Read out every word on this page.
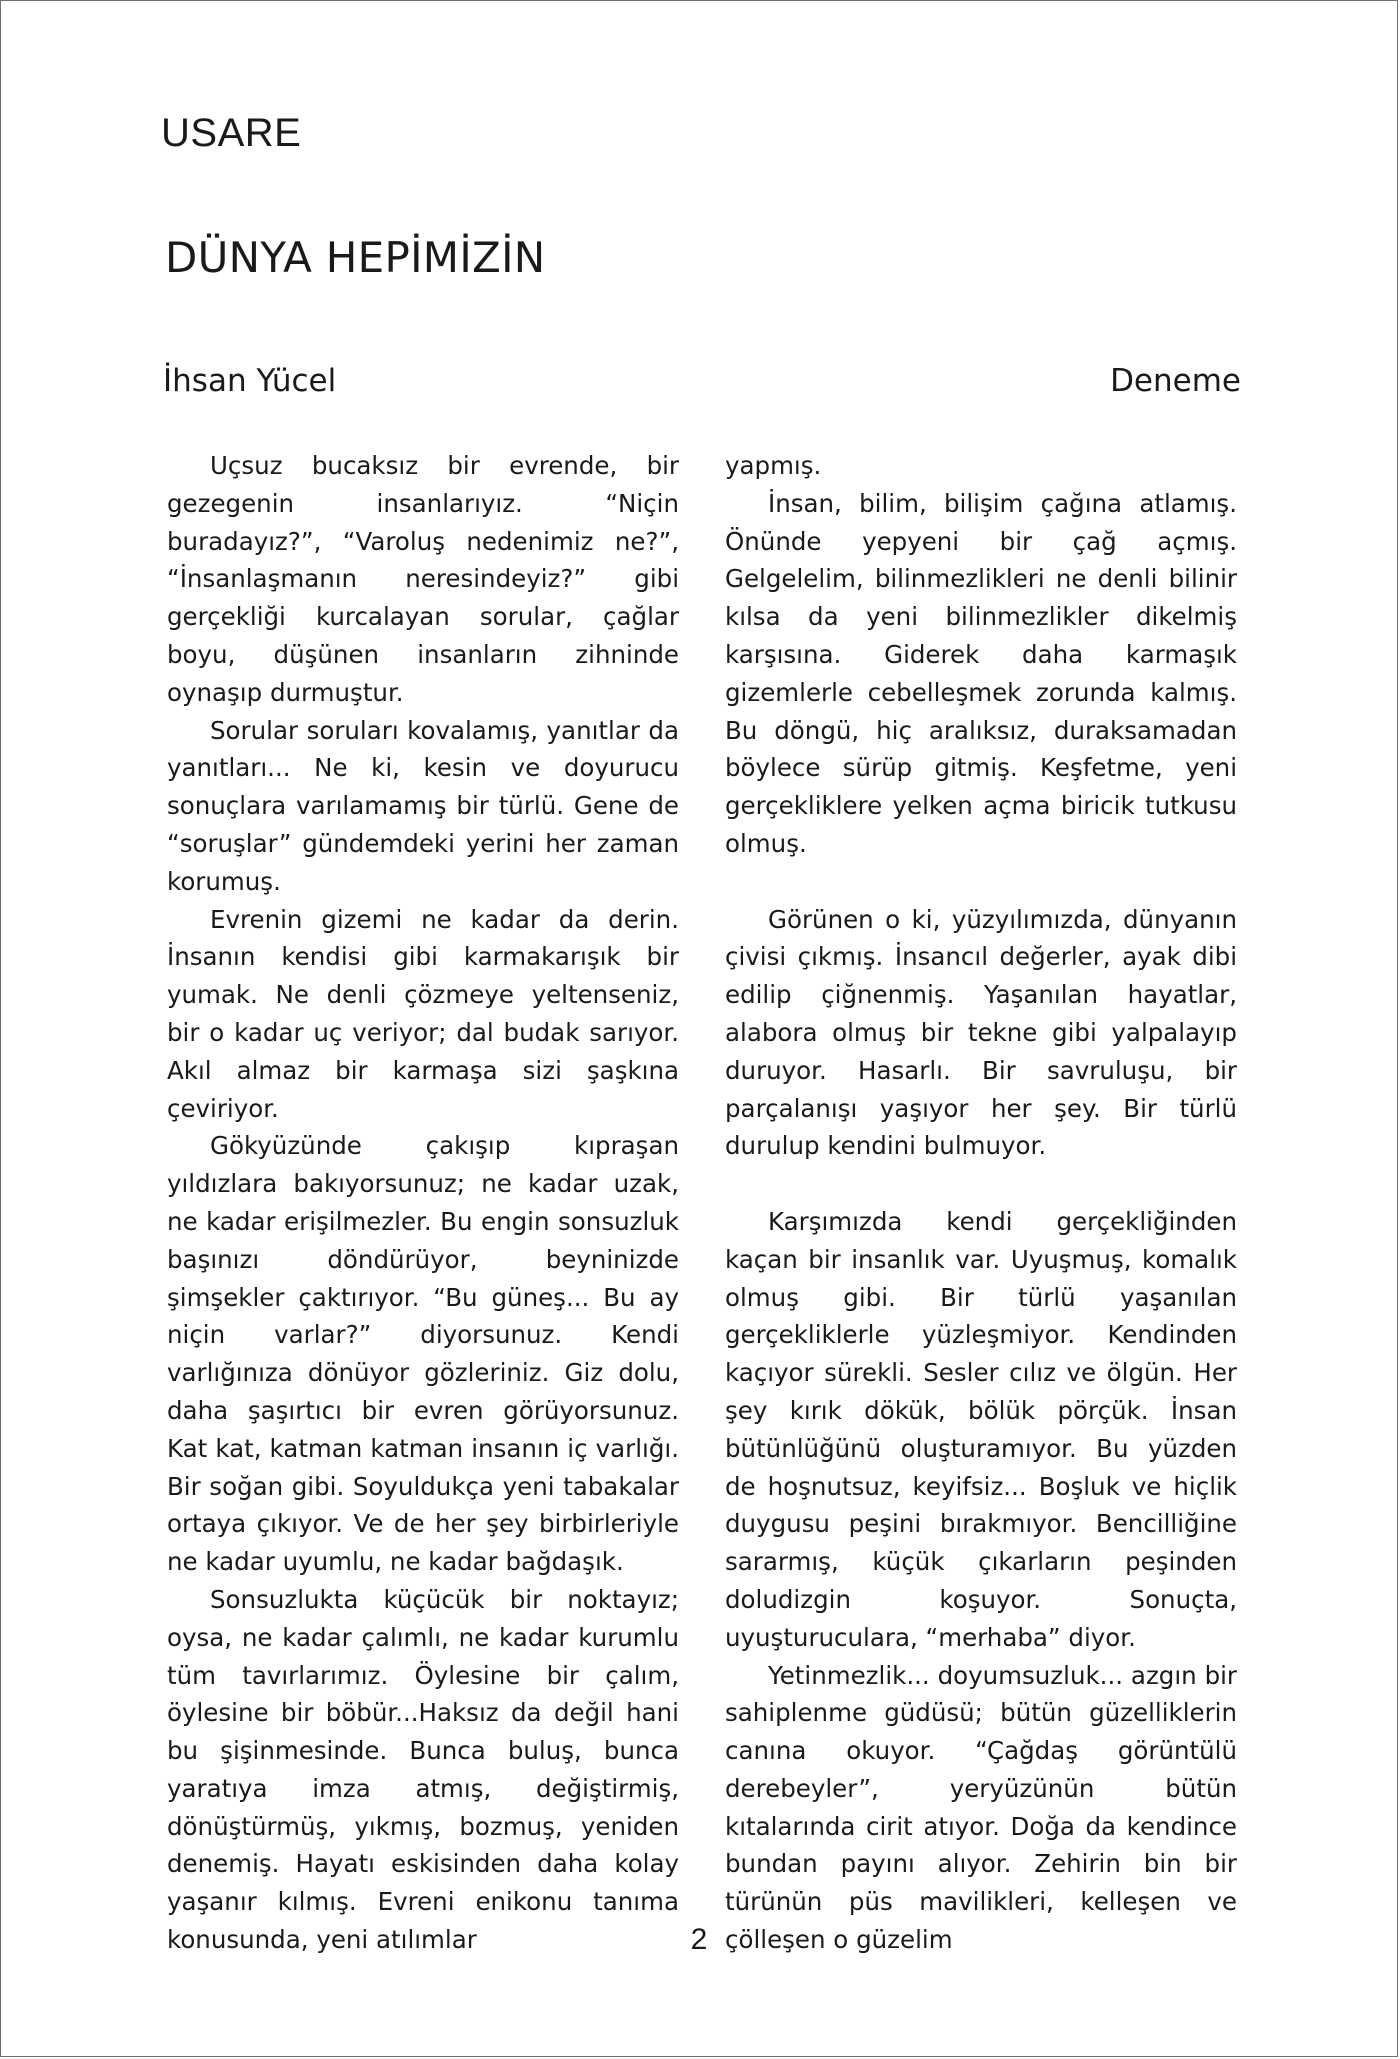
USARE
DÜNYA HEPİMİZİN
İhsan Yücel	Deneme

Uçsuz bucaksız bir evrende, bir gezegenin insanlarıyız. “Niçin buradayız?”, “Varoluş nedenimiz ne?”, “İnsanlaşmanın neresindeyiz?” gibi gerçekliği kurcalayan sorular, çağlar boyu, düşünen insanların zihninde oynaşıp durmuştur.

Sorular soruları kovalamış, yanıtlar da yanıtları... Ne ki, kesin ve doyurucu sonuçlara varılamamış bir türlü. Gene de “soruşlar” gündemdeki yerini her zaman korumuş.

Evrenin gizemi ne kadar da derin. İnsanın kendisi gibi karmakarışık bir yumak. Ne denli çözmeye yeltenseniz, bir o kadar uç veriyor; dal budak sarıyor. Akıl almaz bir karmaşa sizi şaşkına çeviriyor.

Gökyüzünde çakışıp kıpraşan yıldızlara bakıyorsunuz; ne kadar uzak, ne kadar erişilmezler. Bu engin sonsuzluk başınızı döndürüyor, beyninizde şimşekler çaktırıyor. “Bu güneş... Bu ay niçin varlar?” diyorsunuz. Kendi varlığınıza dönüyor gözleriniz. Giz dolu, daha şaşırtıcı bir evren görüyorsunuz. Kat kat, katman katman insanın iç varlığı. Bir soğan gibi. Soyuldukça yeni tabakalar ortaya çıkıyor. Ve de her şey birbirleriyle ne kadar uyumlu, ne kadar bağdaşık.

Sonsuzlukta küçücük bir noktayız; oysa, ne kadar çalımlı, ne kadar kurumlu tüm tavırlarımız. Öylesine bir çalım, öylesine bir böbür...Haksız da değil hani bu şişinmesinde. Bunca buluş, bunca yaratıya imza atmış, değiştirmiş, dönüştürmüş, yıkmış, bozmuş, yeniden denemiş. Hayatı eskisinden daha kolay yaşanır kılmış. Evreni enikonu tanıma konusunda, yeni atılımlar

yapmış.

İnsan, bilim, bilişim çağına atlamış. Önünde yepyeni bir çağ açmış. Gelgelelim, bilinmezlikleri ne denli bilinir kılsa da yeni bilinmezlikler dikelmiş karşısına. Giderek daha karmaşık gizemlerle cebelleşmek zorunda kalmış. Bu döngü, hiç aralıksız, duraksamadan böylece sürüp gitmiş. Keşfetme, yeni gerçekliklere yelken açma biricik tutkusu olmuş.

Görünen o ki, yüzyılımızda, dünyanın çivisi çıkmış. İnsancıl değerler, ayak dibi edilip çiğnenmiş. Yaşanılan hayatlar, alabora olmuş bir tekne gibi yalpalayıp duruyor. Hasarlı. Bir savruluşu, bir parçalanışı yaşıyor her şey. Bir türlü durulup kendini bulmuyor.

Karşımızda kendi gerçekliğinden kaçan bir insanlık var. Uyuşmuş, komalık olmuş gibi. Bir türlü yaşanılan gerçekliklerle yüzleşmiyor. Kendinden kaçıyor sürekli. Sesler cılız ve ölgün. Her şey kırık dökük, bölük pörçük. İnsan bütünlüğünü oluşturamıyor. Bu yüzden de hoşnutsuz, keyifsiz... Boşluk ve hiçlik duygusu peşini bırakmıyor. Bencilliğine sararmış, küçük çıkarların peşinden doludizgin koşuyor. Sonuçta, uyuşturuculara, “merhaba” diyor.

Yetinmezlik... doyumsuzluk... azgın bir sahiplenme güdüsü; bütün güzelliklerin canına okuyor. “Çağdaş görüntülü derebeyler”, yeryüzünün bütün kıtalarında cirit atıyor. Doğa da kendince bundan payını alıyor. Zehirin bin bir türünün püs mavilikleri, kelleşen ve çölleşen o güzelim

2
